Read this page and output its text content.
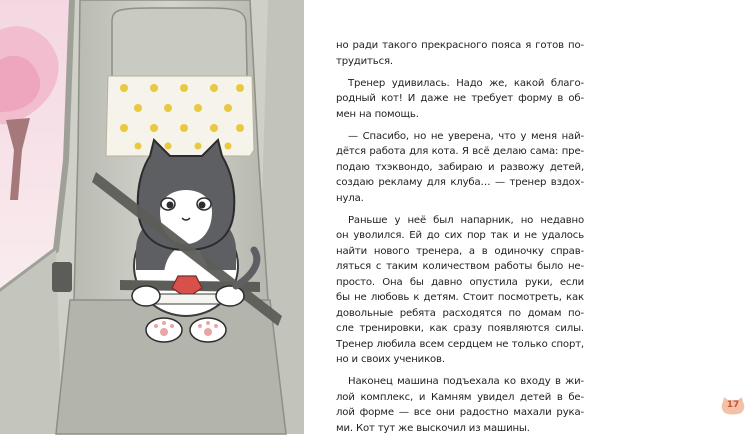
но ради такого прекрасного пояса я готов по-
трудиться.

Тренер удивилась. Надо же, какой благо-
родный кот! И даже не требует форму в об-
мен на помощь.

— Спасибо, но не уверена, что у меня най-
дётся работа для кота. Я всё делаю сама: пре-
подаю тхэквондо, забираю и развожу детей,
создаю рекламу для клуба… — тренер вздох-
нула.

Раньше у неё был напарник, но недавно
он уволился. Ей до сих пор так и не удалось
найти нового тренера, а в одиночку справ-
ляться с таким количеством работы было не-
просто. Она бы давно опустила руки, если
бы не любовь к детям. Стоит посмотреть, как
довольные ребята расходятся по домам по-
сле тренировки, как сразу появляются силы.
Тренер любила всем сердцем не только спорт,
но и своих учеников.

Наконец машина подъехала ко входу в жи-
лой комплекс, и Камням увидел детей в бе-
лой форме — все они радостно махали рука-
ми. Кот тут же выскочил из машины.

17
